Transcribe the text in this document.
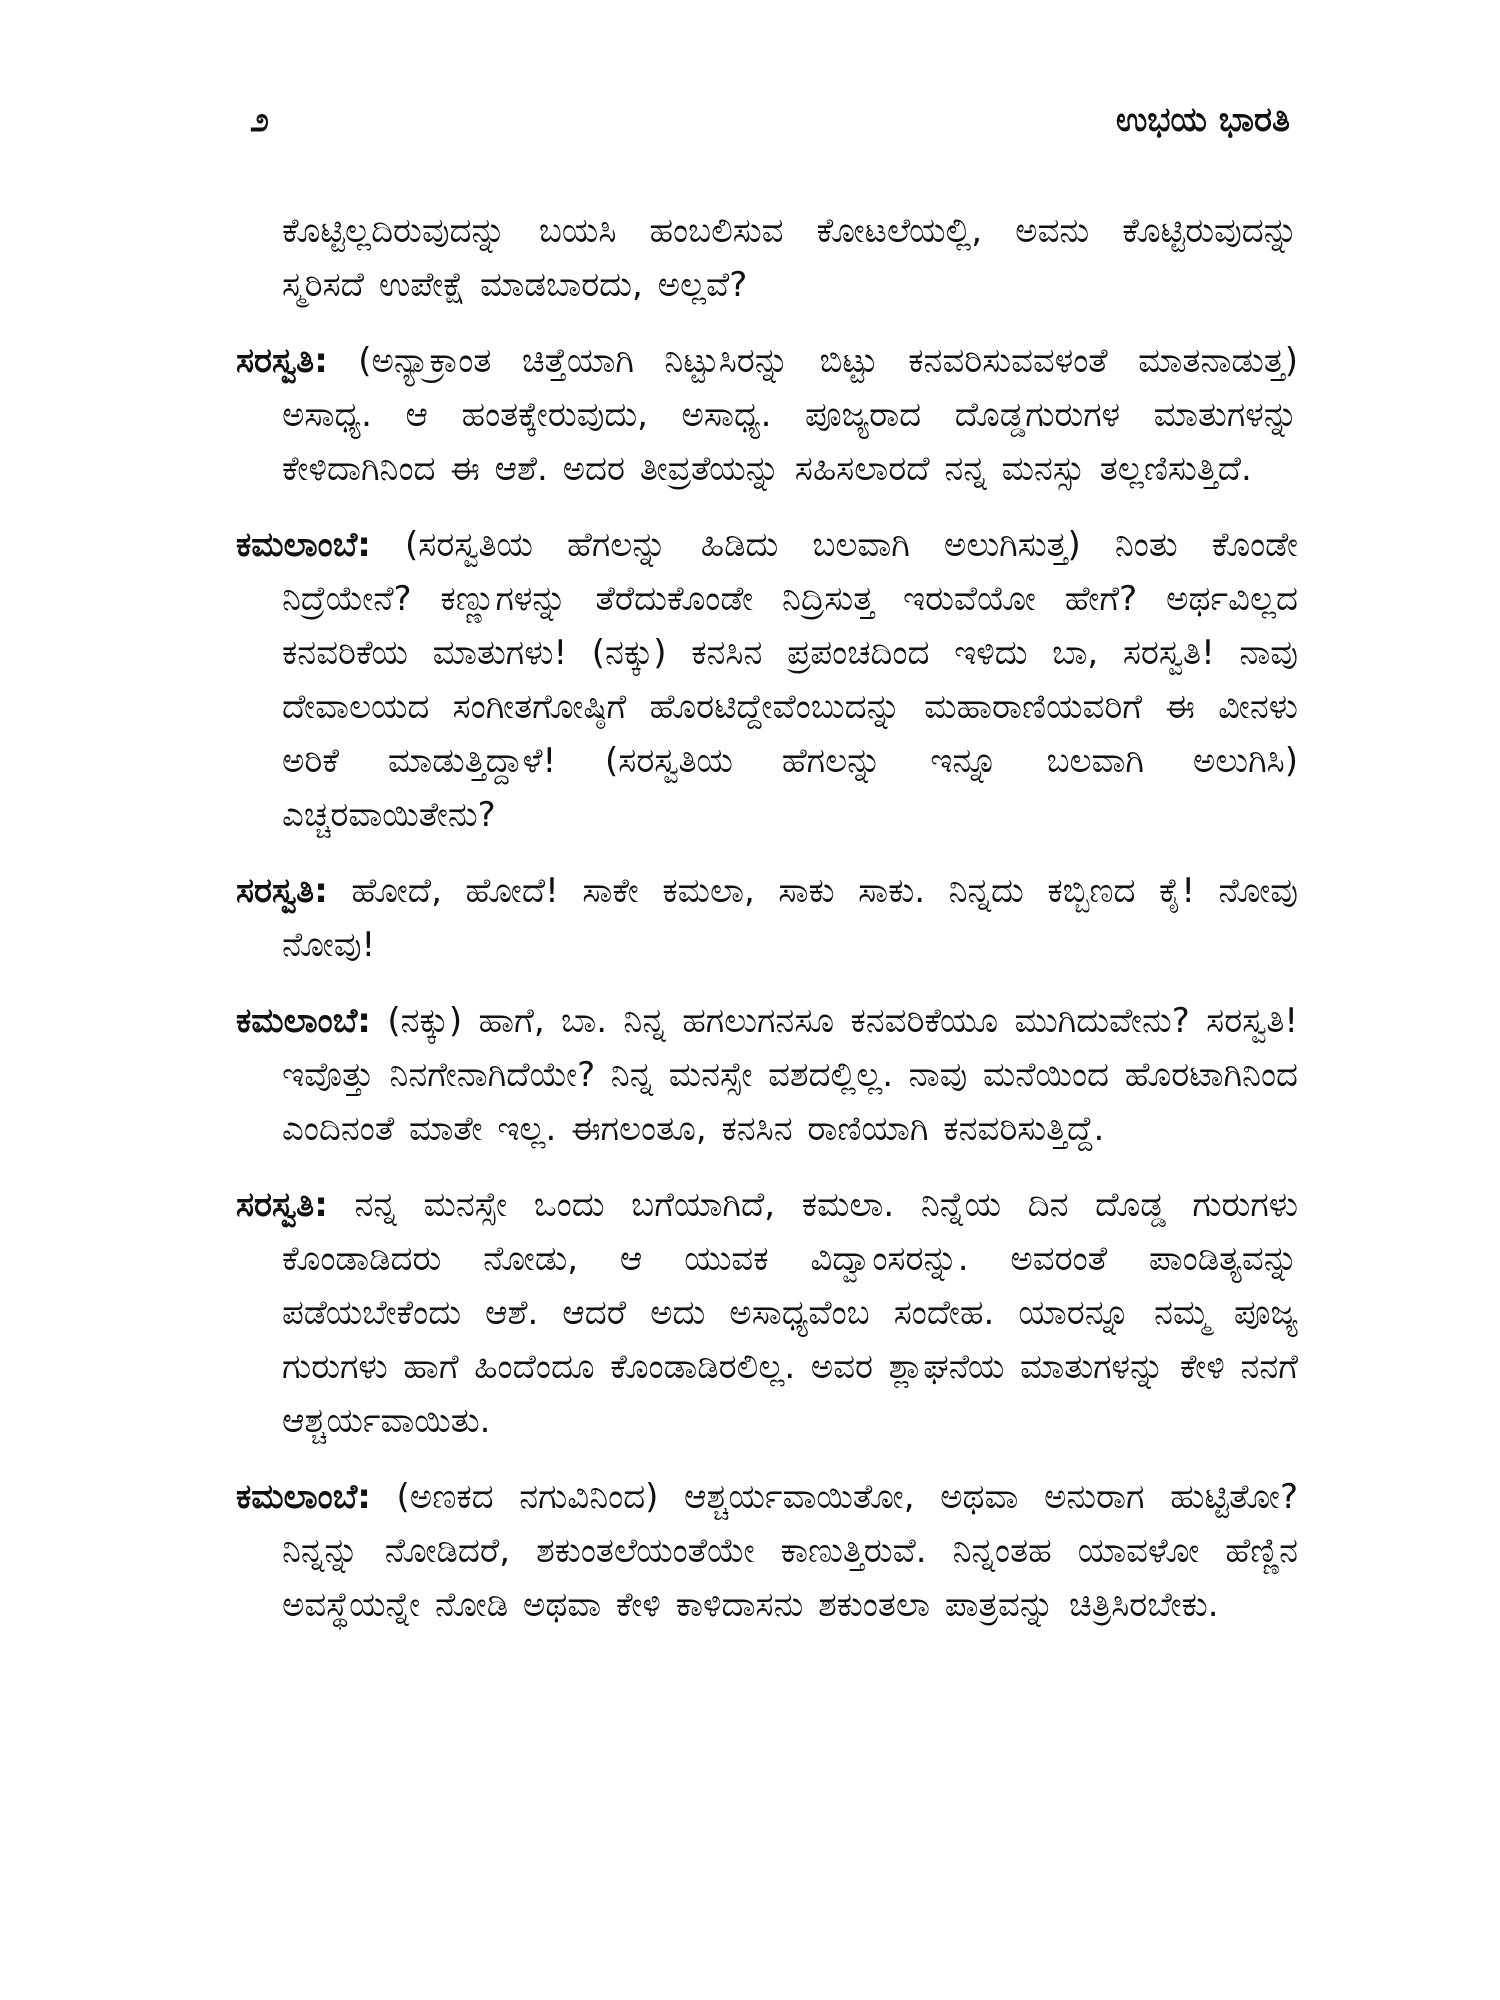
೨	ಉಭಯ ಭಾರತಿ

ಕೊಟ್ಟಿಲ್ಲದಿರುವುದನ್ನು ಬಯಸಿ ಹಂಬಲಿಸುವ ಕೋಟಲೆಯಲ್ಲಿ, ಅವನು ಕೊಟ್ಟಿರುವುದನ್ನು ಸ್ಮರಿಸದೆ ಉಪೇಕ್ಷೆ ಮಾಡಬಾರದು, ಅಲ್ಲವೆ?

ಸರಸ್ವತಿ: (ಅನ್ಯಾಕ್ರಾಂತ ಚಿತ್ತೆಯಾಗಿ ನಿಟ್ಟುಸಿರನ್ನು ಬಿಟ್ಟು ಕನವರಿಸುವವಳಂತೆ ಮಾತನಾಡುತ್ತ) ಅಸಾಧ್ಯ. ಆ ಹಂತಕ್ಕೇರುವುದು, ಅಸಾಧ್ಯ. ಪೂಜ್ಯರಾದ ದೊಡ್ಡಗುರುಗಳ ಮಾತುಗಳನ್ನು ಕೇಳಿದಾಗಿನಿಂದ ಈ ಆಶೆ. ಅದರ ತೀವ್ರತೆಯನ್ನು ಸಹಿಸಲಾರದೆ ನನ್ನ ಮನಸ್ಸು ತಲ್ಲಣಿಸುತ್ತಿದೆ.
ಕಮಲಾಂಬೆ: (ಸರಸ್ವತಿಯ ಹೆಗಲನ್ನು ಹಿಡಿದು ಬಲವಾಗಿ ಅಲುಗಿಸುತ್ತ) ನಿಂತು ಕೊಂಡೇ ನಿದ್ರೆಯೇನೆ? ಕಣ್ಣುಗಳನ್ನು ತೆರೆದುಕೊಂಡೇ ನಿದ್ರಿಸುತ್ತ ಇರುವೆಯೋ ಹೇಗೆ? ಅರ್ಥವಿಲ್ಲದ ಕನವರಿಕೆಯ ಮಾತುಗಳು! (ನಕ್ಕು) ಕನಸಿನ ಪ್ರಪಂಚದಿಂದ ಇಳಿದು ಬಾ, ಸರಸ್ವತಿ! ನಾವು ದೇವಾಲಯದ ಸಂಗೀತಗೋಷ್ಠಿಗೆ ಹೊರಟಿದ್ದೇವೆಂಬುದನ್ನು ಮಹಾರಾಣಿಯವರಿಗೆ ಈ ವೀನಳು ಅರಿಕೆ ಮಾಡುತ್ತಿದ್ದಾಳೆ! (ಸರಸ್ವತಿಯ ಹೆಗಲನ್ನು ಇನ್ನೂ ಬಲವಾಗಿ ಅಲುಗಿಸಿ) ಎಚ್ಚರವಾಯಿತೇನು?
ಸರಸ್ವತಿ: ಹೋದೆ, ಹೋದೆ! ಸಾಕೇ ಕಮಲಾ, ಸಾಕು ಸಾಕು. ನಿನ್ನದು ಕಬ್ಬಿಣದ ಕೈ! ನೋವು ನೋವು!
ಕಮಲಾಂಬೆ: (ನಕ್ಕು) ಹಾಗೆ, ಬಾ. ನಿನ್ನ ಹಗಲುಗನಸೂ ಕನವರಿಕೆಯೂ ಮುಗಿದುವೇನು? ಸರಸ್ವತಿ! ಇವೊತ್ತು ನಿನಗೇನಾಗಿದೆಯೇ? ನಿನ್ನ ಮನಸ್ಸೇ ವಶದಲ್ಲಿಲ್ಲ. ನಾವು ಮನೆಯಿಂದ ಹೊರಟಾಗಿನಿಂದ ಎಂದಿನಂತೆ ಮಾತೇ ಇಲ್ಲ. ಈಗಲಂತೂ, ಕನಸಿನ ರಾಣಿಯಾಗಿ ಕನವರಿಸುತ್ತಿದ್ದೆ.
ಸರಸ್ವತಿ: ನನ್ನ ಮನಸ್ಸೇ ಒಂದು ಬಗೆಯಾಗಿದೆ, ಕಮಲಾ. ನಿನ್ನೆಯ ದಿನ ದೊಡ್ಡ ಗುರುಗಳು ಕೊಂಡಾಡಿದರು ನೋಡು, ಆ ಯುವಕ ವಿದ್ವಾಂಸರನ್ನು. ಅವರಂತೆ ಪಾಂಡಿತ್ಯವನ್ನು ಪಡೆಯಬೇಕೆಂದು ಆಶೆ. ಆದರೆ ಅದು ಅಸಾಧ್ಯವೆಂಬ ಸಂದೇಹ. ಯಾರನ್ನೂ ನಮ್ಮ ಪೂಜ್ಯ ಗುರುಗಳು ಹಾಗೆ ಹಿಂದೆಂದೂ ಕೊಂಡಾಡಿರಲಿಲ್ಲ. ಅವರ ಶ್ಲಾಘನೆಯ ಮಾತುಗಳನ್ನು ಕೇಳಿ ನನಗೆ ಆಶ್ಚರ್ಯವಾಯಿತು.
ಕಮಲಾಂಬೆ: (ಅಣಕದ ನಗುವಿನಿಂದ) ಆಶ್ಚರ್ಯವಾಯಿತೋ, ಅಥವಾ ಅನುರಾಗ ಹುಟ್ಟಿತೋ? ನಿನ್ನನ್ನು ನೋಡಿದರೆ, ಶಕುಂತಲೆಯಂತೆಯೇ ಕಾಣುತ್ತಿರುವೆ. ನಿನ್ನಂತಹ ಯಾವಳೋ ಹೆಣ್ಣಿನ ಅವಸ್ಥೆಯನ್ನೇ ನೋಡಿ ಅಥವಾ ಕೇಳಿ ಕಾಳಿದಾಸನು ಶಕುಂತಲಾ ಪಾತ್ರವನ್ನು ಚಿತ್ರಿಸಿರಬೇಕು.
